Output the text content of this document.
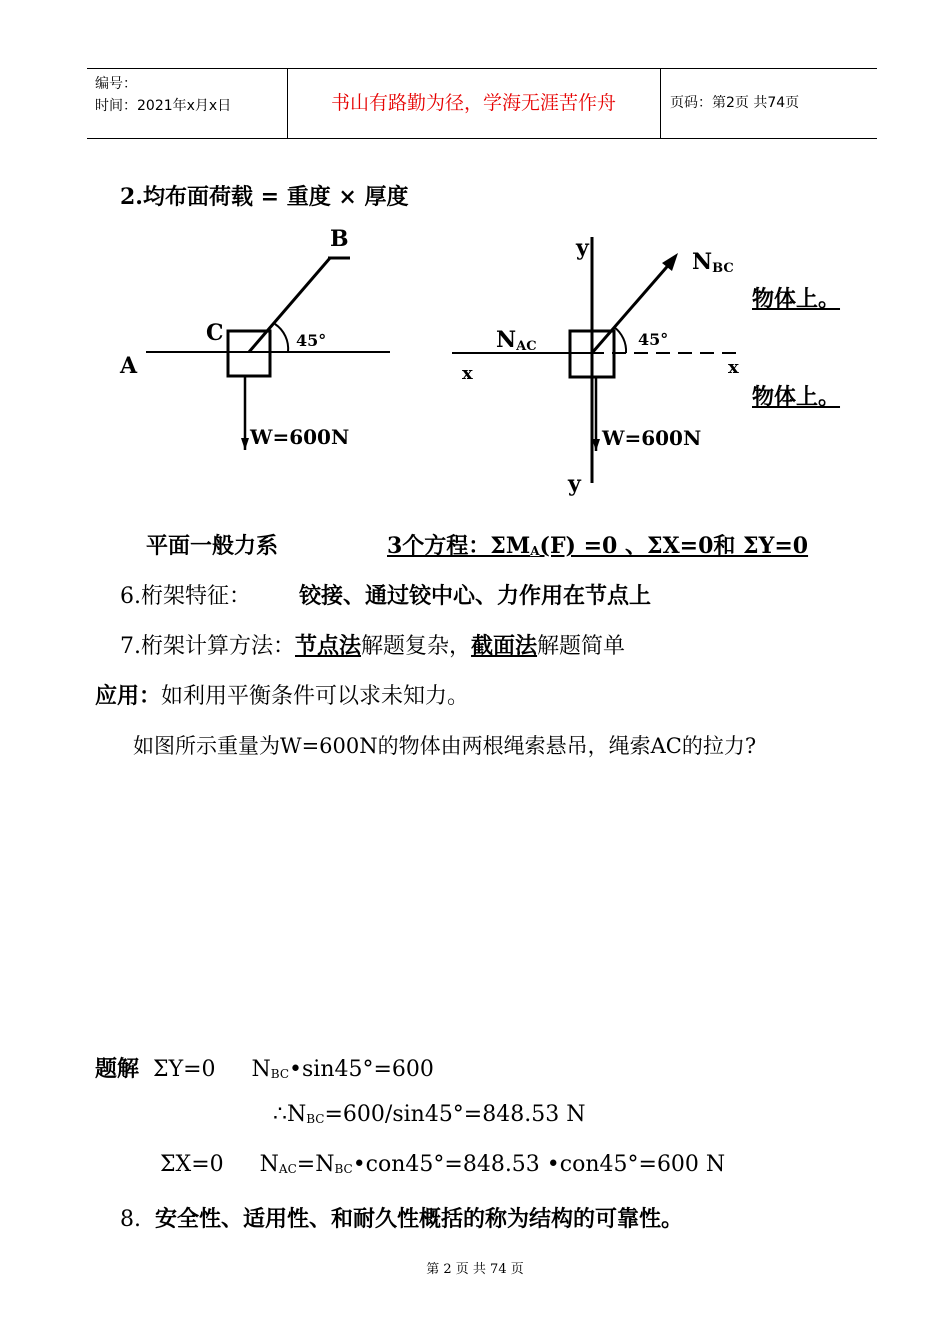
编号：
时间：2021年x月x日	书山有路勤为径，学海无涯苦作舟	页码：第2页 共74页
2.均布面荷载 = 重度 × 厚度
A
B
C	45°
W=600N
y
y
x	x
NBC
NAC	45°
W=600N
物体上。
物体上。
平面一般力系	3个方程：$\Sigma M_A(F) =0$ 、ΣX=0和 ΣY=0
6.桁架特征： 铰接、通过铰中心、力作用在节点上
7.桁架计算方法：节点法解题复杂，截面法解题简单
应用：如利用平衡条件可以求未知力。
如图所示重量为W=600N的物体由两根绳索悬吊，绳索AC的拉力?
题解 ΣY=0 $N_{BC}•\sin 45^\circ=600$
$\therefore N_{BC}=600/\sin 45^\circ=848.53$ N
ΣX=0 $N_{AC}=N_{BC}•con45^\circ=848.53$ •con45°=600 N
8. 安全性、适用性、和耐久性概括的称为结构的可靠性。
第 2 页 共 74 页
